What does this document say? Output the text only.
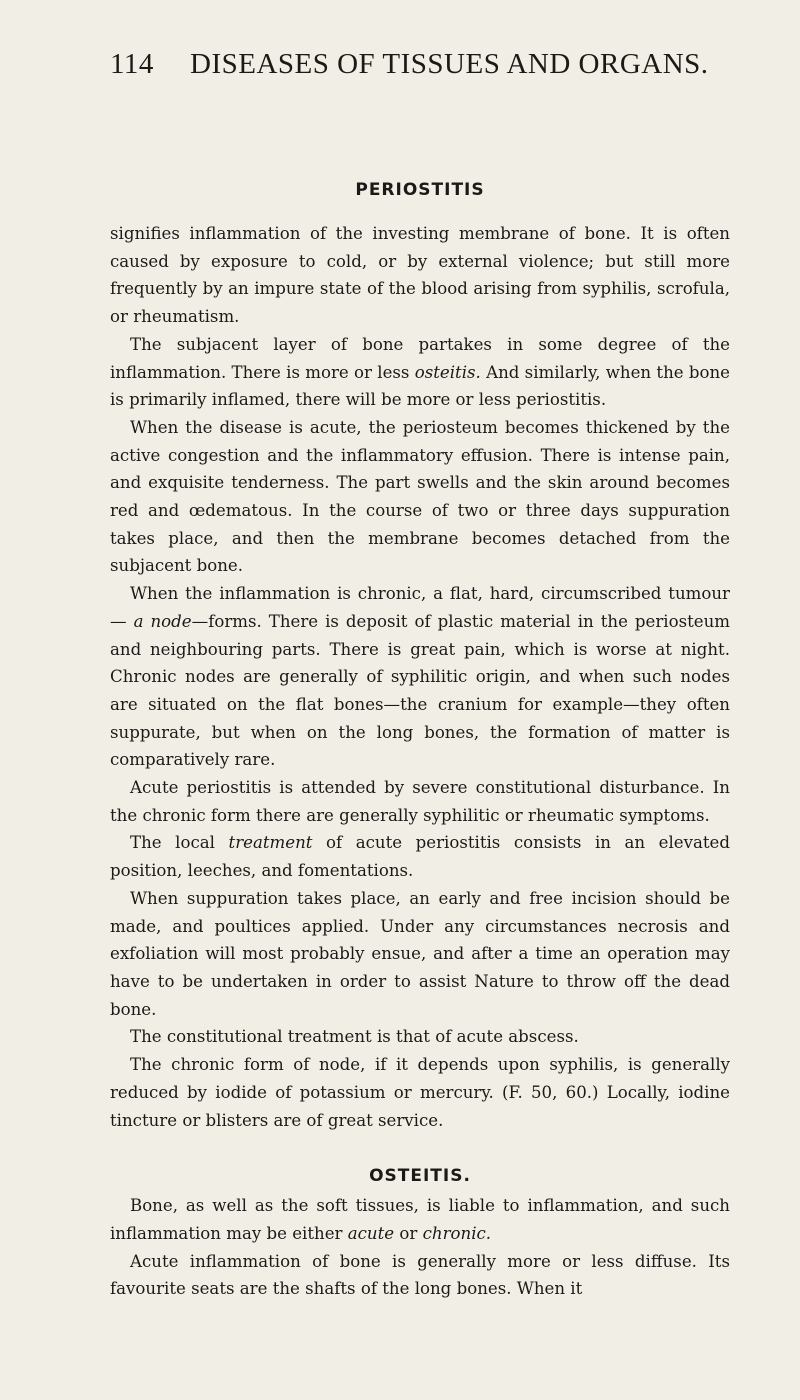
114	DISEASES OF TISSUES AND ORGANS.
PERIOSTITIS

signifies inflammation of the investing membrane of bone. It is often caused by exposure to cold, or by external violence; but still more frequently by an impure state of the blood arising from syphilis, scrofula, or rheumatism.

The subjacent layer of bone partakes in some degree of the inflammation. There is more or less osteitis. And similarly, when the bone is primarily inflamed, there will be more or less periostitis.

When the disease is acute, the periosteum becomes thickened by the active congestion and the inflammatory effusion. There is intense pain, and exquisite tenderness. The part swells and the skin around becomes red and œdematous. In the course of two or three days suppuration takes place, and then the membrane becomes detached from the subjacent bone.

When the inflammation is chronic, a flat, hard, circumscribed tumour— a node—forms. There is deposit of plastic material in the periosteum and neighbouring parts. There is great pain, which is worse at night. Chronic nodes are generally of syphilitic origin, and when such nodes are situated on the flat bones—the cranium for example—they often suppurate, but when on the long bones, the formation of matter is comparatively rare.

Acute periostitis is attended by severe constitutional disturbance. In the chronic form there are generally syphilitic or rheumatic symptoms.

The local treatment of acute periostitis consists in an elevated position, leeches, and fomentations.

When suppuration takes place, an early and free incision should be made, and poultices applied. Under any circumstances necrosis and exfoliation will most probably ensue, and after a time an operation may have to be undertaken in order to assist Nature to throw off the dead bone.

The constitutional treatment is that of acute abscess.

The chronic form of node, if it depends upon syphilis, is generally reduced by iodide of potassium or mercury. (F. 50, 60.) Locally, iodine tincture or blisters are of great service.

OSTEITIS.

Bone, as well as the soft tissues, is liable to inflammation, and such inflammation may be either acute or chronic.

Acute inflammation of bone is generally more or less diffuse. Its favourite seats are the shafts of the long bones. When it
